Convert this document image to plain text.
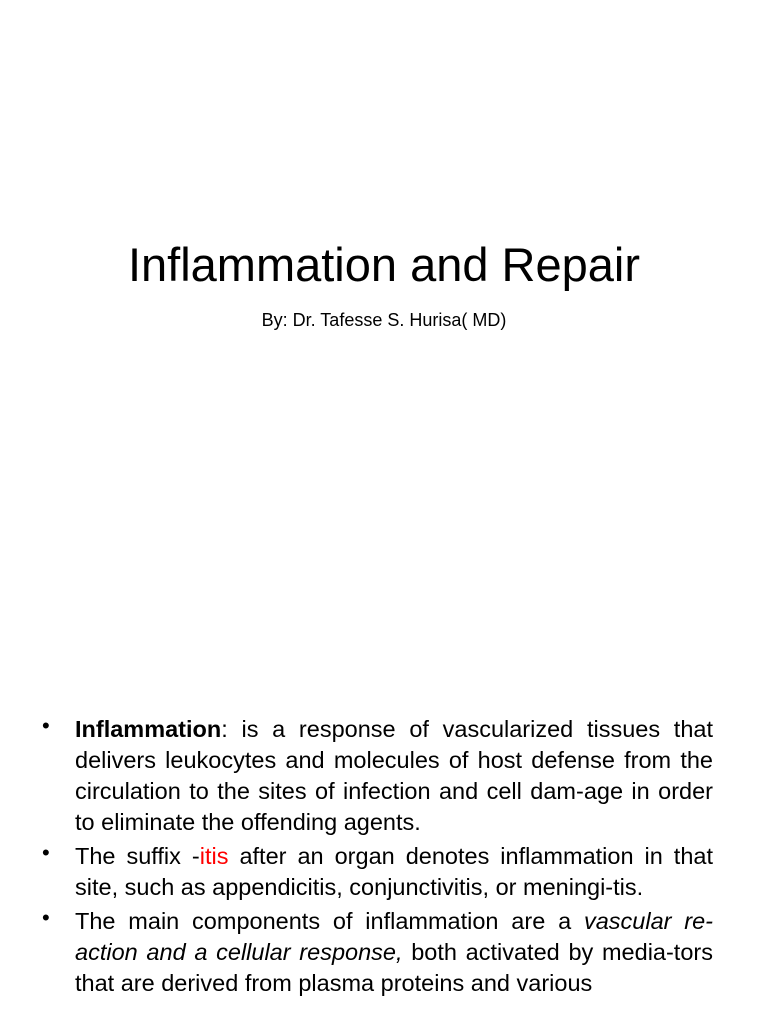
Inflammation and Repair

By: Dr. Tafesse S. Hurisa( MD)

• Inflammation: is a response of vascularized tissues that delivers leukocytes and molecules of host defense from the circulation to the sites of infection and cell dam-age in order to eliminate the offending agents.
• The suffix -itis after an organ denotes inflammation in that site, such as appendicitis, conjunctivitis, or meningi-tis.
• The main components of inflammation are a vascular re-action and a cellular response, both activated by media-tors that are derived from plasma proteins and various
